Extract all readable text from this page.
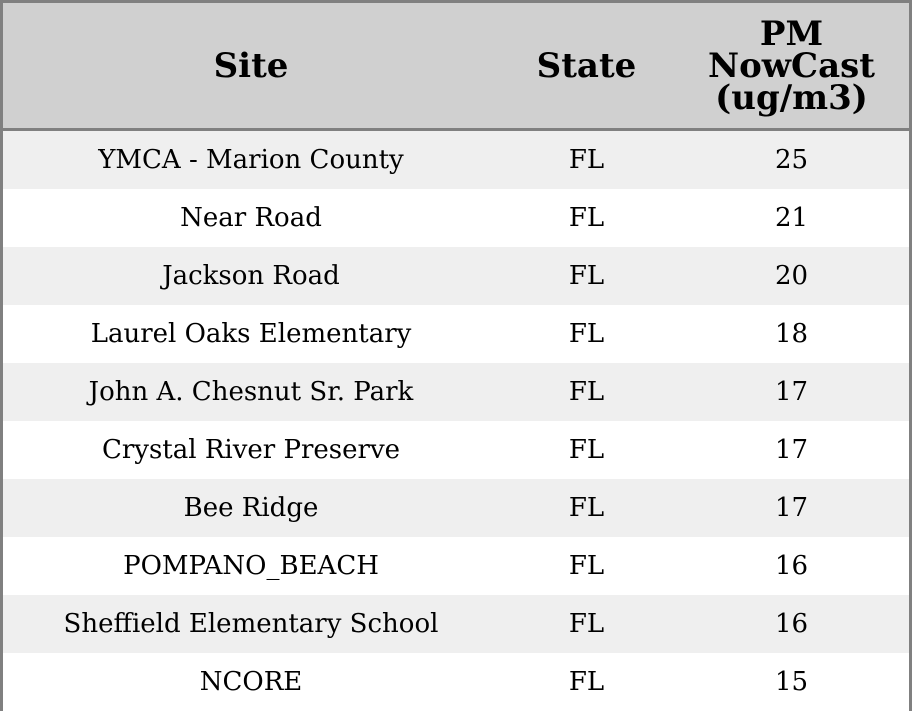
Site	State	PM
NowCast
(ug/m3)

YMCA - Marion County	FL	25
Near Road	FL	21
Jackson Road	FL	20
Laurel Oaks Elementary	FL	18
John A. Chesnut Sr. Park	FL	17
Crystal River Preserve	FL	17
Bee Ridge	FL	17
POMPANO_BEACH	FL	16
Sheffield Elementary School	FL	16
NCORE	FL	15
